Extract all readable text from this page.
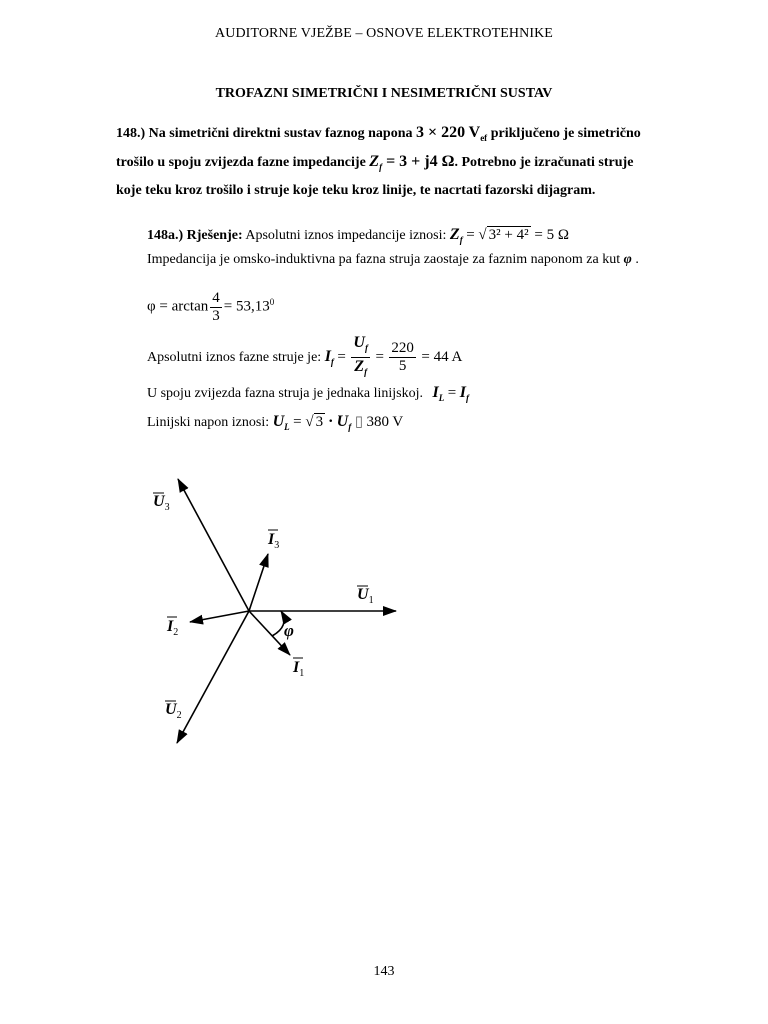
AUDITORNE VJEŽBE – OSNOVE ELEKTROTEHNIKE
TROFAZNI SIMETRIČNI I NESIMETRIČNI SUSTAV
148.) Na simetrični direktni sustav faznog napona 3 × 220 $V_{ef}$ priključeno je simetrično trošilo u spoju zvijezda fazne impedancije $Z_f = 3 + j4$ Ω. Potrebno je izračunati struje koje teku kroz trošilo i struje koje teku kroz linije, te nacrtati fazorski dijagram.
148a.) Rješenje: Apsolutni iznos impedancije iznosi: $Z_f$ = √ 3² + 4² = 5 Ω
Impedancija je omsko-induktivna pa fazna struja zaostaje za faznim naponom za kut φ .
$\varphi = \arctan \frac{4}{3} = 53,13^0$
Apsolutni iznos fazne struje je: $I_f = \frac{U_f}{Z_f} = \frac{220}{5} = 44$ A
U spoju zvijezda fazna struja je jednaka linijskoj. $I_L = I_f$
Linijski napon iznosi: $U_L$ = √ $3 \cdot U_f$ ▯ 380 V
$U_1$
$U_3$
$U_2$
$I_3$
$I_2$
$I_1$
φ
143
